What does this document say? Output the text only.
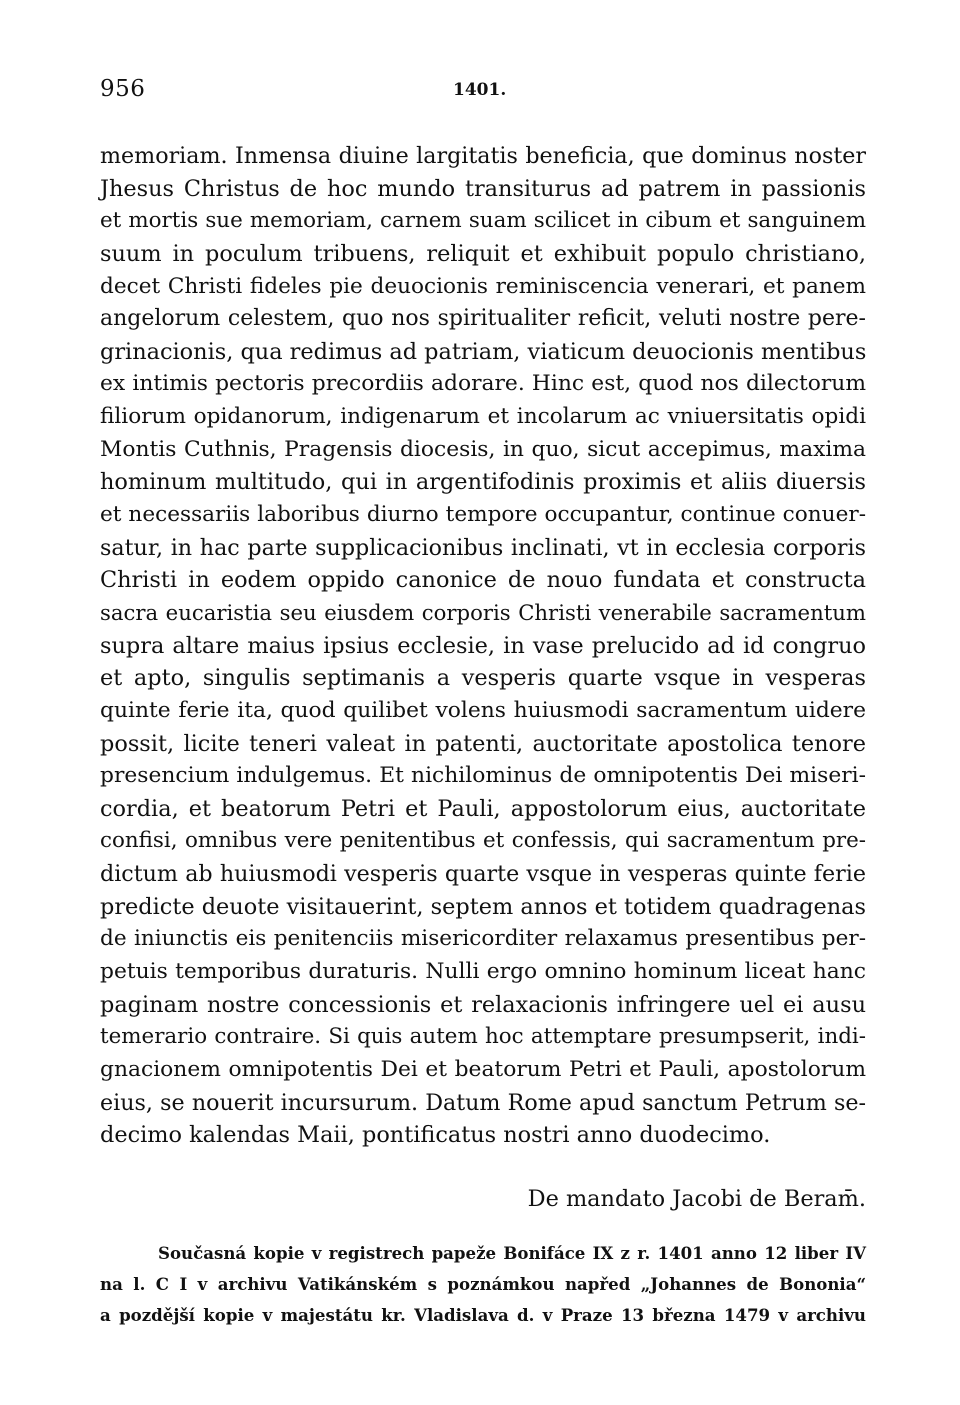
956	1401.
memoriam. Inmensa diuine largitatis beneficia, que dominus noster
Jhesus Christus de hoc mundo transiturus ad patrem in passionis
et mortis sue memoriam, carnem suam scilicet in cibum et sanguinem
suum in poculum tribuens, reliquit et exhibuit populo christiano,
decet Christi fideles pie deuocionis reminiscencia venerari, et panem
angelorum celestem, quo nos spiritualiter reficit, veluti nostre pere-
grinacionis, qua redimus ad patriam, viaticum deuocionis mentibus
ex intimis pectoris precordiis adorare. Hinc est, quod nos dilectorum
filiorum opidanorum, indigenarum et incolarum ac vniuersitatis opidi
Montis Cuthnis, Pragensis diocesis, in quo, sicut accepimus, maxima
hominum multitudo, qui in argentifodinis proximis et aliis diuersis
et necessariis laboribus diurno tempore occupantur, continue conuer-
satur, in hac parte supplicacionibus inclinati, vt in ecclesia corporis
Christi in eodem oppido canonice de nouo fundata et constructa
sacra eucaristia seu eiusdem corporis Christi venerabile sacramentum
supra altare maius ipsius ecclesie, in vase prelucido ad id congruo
et apto, singulis septimanis a vesperis quarte vsque in vesperas
quinte ferie ita, quod quilibet volens huiusmodi sacramentum uidere
possit, licite teneri valeat in patenti, auctoritate apostolica tenore
presencium indulgemus. Et nichilominus de omnipotentis Dei miseri-
cordia, et beatorum Petri et Pauli, appostolorum eius, auctoritate
confisi, omnibus vere penitentibus et confessis, qui sacramentum pre-
dictum ab huiusmodi vesperis quarte vsque in vesperas quinte ferie
predicte deuote visitauerint, septem annos et totidem quadragenas
de iniunctis eis penitenciis misericorditer relaxamus presentibus per-
petuis temporibus duraturis. Nulli ergo omnino hominum liceat hanc
paginam nostre concessionis et relaxacionis infringere uel ei ausu
temerario contraire. Si quis autem hoc attemptare presumpserit, indi-
gnacionem omnipotentis Dei et beatorum Petri et Pauli, apostolorum
eius, se nouerit incursurum. Datum Rome apud sanctum Petrum se-
decimo kalendas Maii, pontificatus nostri anno duodecimo.
De mandato Jacobi de Beram̄.
Současná kopie v registrech papeže Bonifáce IX z r. 1401 anno 12 liber IV
na l. C I v archivu Vatikánském s poznámkou napřed „Johannes de Bononia“
a pozdější kopie v majestátu kr. Vladislava d. v Praze 13 března 1479 v archivu
